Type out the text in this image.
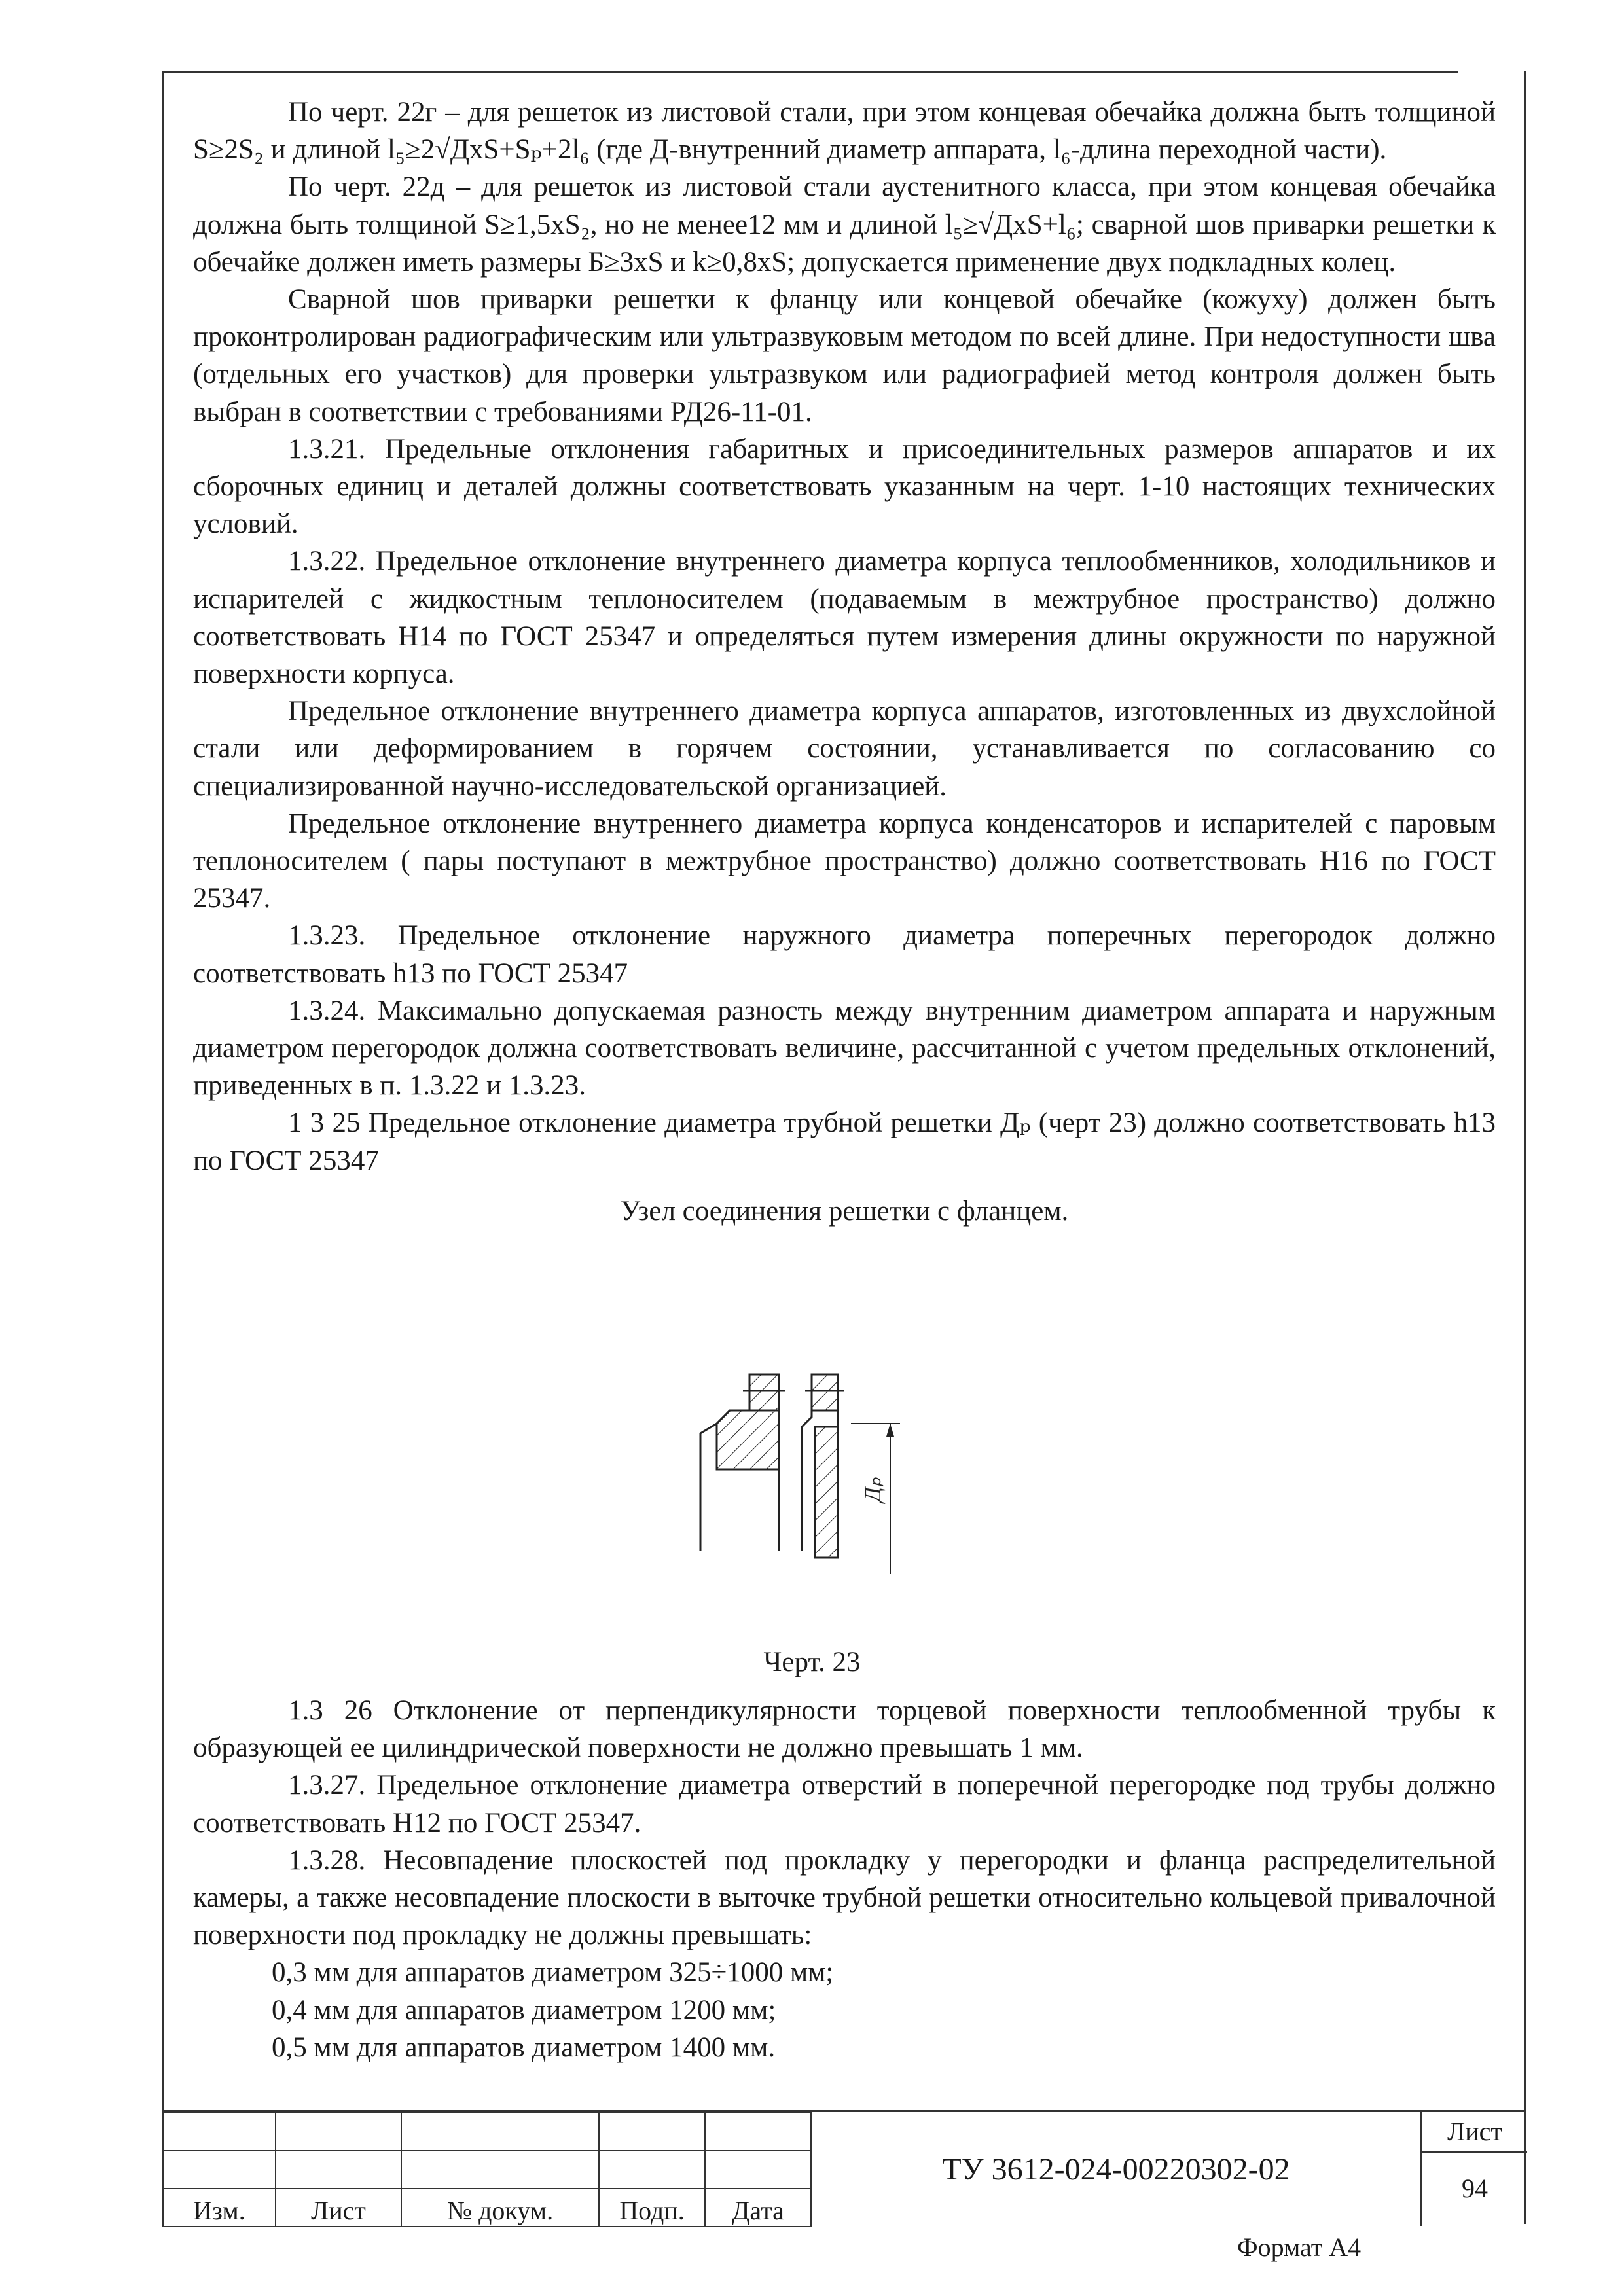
По черт. 22г – для решеток из листовой стали, при этом концевая обечайка должна быть толщиной S≥2S₂ и длиной l₅≥2√ДxS+Sₚ+2l₆ (где Д-внутренний диаметр аппарата, l₆-длина переходной части).

По черт. 22д – для решеток из листовой стали аустенитного класса, при этом концевая обечайка должна быть толщиной S≥1,5xS₂, но не менее12 мм и длиной l₅≥√ДxS+l₆; сварной шов приварки решетки к обечайке должен иметь размеры Б≥3xS и k≥0,8xS; допускается применение двух подкладных колец.

Сварной шов приварки решетки к фланцу или концевой обечайке (кожуху) должен быть проконтролирован радиографическим или ультразвуковым методом по всей длине. При недоступности шва (отдельных его участков) для проверки ультразвуком или радиографией метод контроля должен быть выбран в соответствии с требованиями РД26-11-01.

1.3.21. Предельные отклонения габаритных и присоединительных размеров аппаратов и их сборочных единиц и деталей должны соответствовать указанным на черт. 1-10 настоящих технических условий.

1.3.22. Предельное отклонение внутреннего диаметра корпуса теплообменников, холодильников и испарителей с жидкостным теплоносителем (подаваемым в межтрубное пространство) должно соответствовать Н14 по ГОСТ 25347 и определяться путем измерения длины окружности по наружной поверхности корпуса.

Предельное отклонение внутреннего диаметра корпуса аппаратов, изготовленных из двухслойной стали или деформированием в горячем состоянии, устанавливается по согласованию со специализированной научно-исследовательской организацией.

Предельное отклонение внутреннего диаметра корпуса конденсаторов и испарителей с паровым теплоносителем ( пары поступают в межтрубное пространство) должно соответствовать Н16 по ГОСТ 25347.

1.3.23. Предельное отклонение наружного диаметра поперечных перегородок должно соответствовать h13 по ГОСТ 25347

1.3.24. Максимально допускаемая разность между внутренним диаметром аппарата и наружным диаметром перегородок должна соответствовать величине, рассчитанной с учетом предельных отклонений, приведенных в п. 1.3.22 и 1.3.23.

1 3 25 Предельное отклонение диаметра трубной решетки Дₚ (черт 23) должно соответствовать h13 по ГОСТ 25347

Узел соединения решетки с фланцем.

Дₚ
Черт. 23

1.3 26 Отклонение от перпендикулярности торцевой поверхности теплообменной трубы к образующей ее цилиндрической поверхности не должно превышать 1 мм.

1.3.27. Предельное отклонение диаметра отверстий в поперечной перегородке под трубы должно соответствовать Н12 по ГОСТ 25347.

1.3.28. Несовпадение плоскостей под прокладку у перегородки и фланца распределительной камеры, а также несовпадение плоскости в выточке трубной решетки относительно кольцевой привалочной поверхности под прокладку не должны превышать:

0,3 мм для аппаратов диаметром 325÷1000 мм;

0,4 мм для аппаратов диаметром 1200 мм;

0,5 мм для аппаратов диаметром 1400 мм.

Изм.	Лист	№ докум.	Подп.	Дата
ТУ 3612-024-00220302-02
Лист
94
Формат А4
